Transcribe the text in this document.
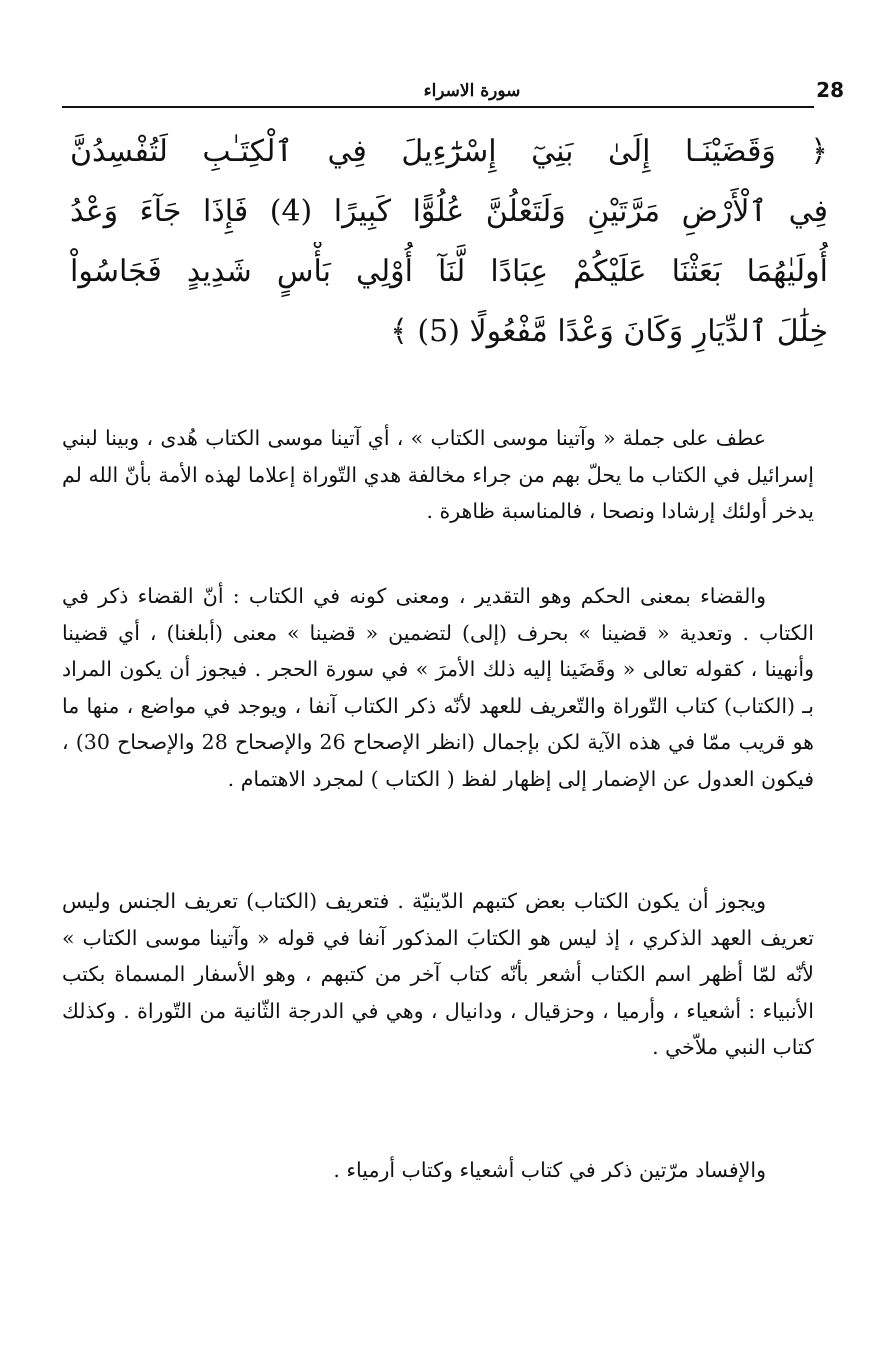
28
سورة الاسراء
﴿ وَقَضَيْنَـا إِلَىٰ بَنِيٓ إِسْرَٰٓءِيلَ فِي ٱلْكِتَـٰبِ لَتُفْسِدُنَّ
فِي ٱلْأَرْضِ مَرَّتَيْنِ وَلَتَعْلُنَّ عُلُوًّا كَبِيرًا (4) فَإِذَا جَآءَ وَعْدُ
أُولَيٰهُمَا بَعَثْنَا عَلَيْكُمْ عِبَادًا لَّنَآ أُوْلِي بَأْسٍ شَدِيدٍ فَجَاسُواْ
خِلَٰلَ ٱلدِّيَارِ وَكَانَ وَعْدًا مَّفْعُولًا (5) ﴾
عطف على جملة « وآتينا موسى الكتاب » ، أي آتينا موسى الكتاب هُدى ، وبينا لبني إسرائيل في الكتاب ما يحلّ بهم من جراء مخالفة هدي التّوراة إعلاما لهذه الأمة بأنّ الله لم يدخر أولئك إرشادا ونصحا ، فالمناسبة ظاهرة .
والقضاء بمعنى الحكم وهو التقدير ، ومعنى كونه في الكتاب : أنّ القضاء ذكر في الكتاب . وتعدية « قضينا » بحرف (إلى) لتضمين « قضينا » معنى (أبلغنا) ، أي قضينا وأنهينا ، كقوله تعالى « وقَضَينا إليه ذلك الأمرَ » في سورة الحجر . فيجوز أن يكون المراد بـ (الكتاب) كتاب التّوراة والتّعريف للعهد لأنّه ذكر الكتاب آنفا ، ويوجد في مواضع ، منها ما هو قريب ممّا في هذه الآية لكن بإجمال (انظر الإصحاح 26 والإصحاح 28 والإصحاح 30) ، فيكون العدول عن الإضمار إلى إظهار لفظ ( الكتاب ) لمجرد الاهتمام .
ويجوز أن يكون الكتاب بعض كتبهم الدّينيّة . فتعريف (الكتاب) تعريف الجنس وليس تعريف العهد الذكري ، إذ ليس هو الكتابَ المذكور آنفا في قوله « وآتينا موسى الكتاب » لأنّه لمّا أظهر اسم الكتاب أشعر بأنّه كتاب آخر من كتبهم ، وهو الأسفار المسماة بكتب الأنبياء : أشعياء ، وأرميا ، وحزقيال ، ودانيال ، وهي في الدرجة الثّانية من التّوراة . وكذلك كتاب النبي ملاّخي .
والإفساد مرّتين ذكر في كتاب أشعياء وكتاب أرمياء .
